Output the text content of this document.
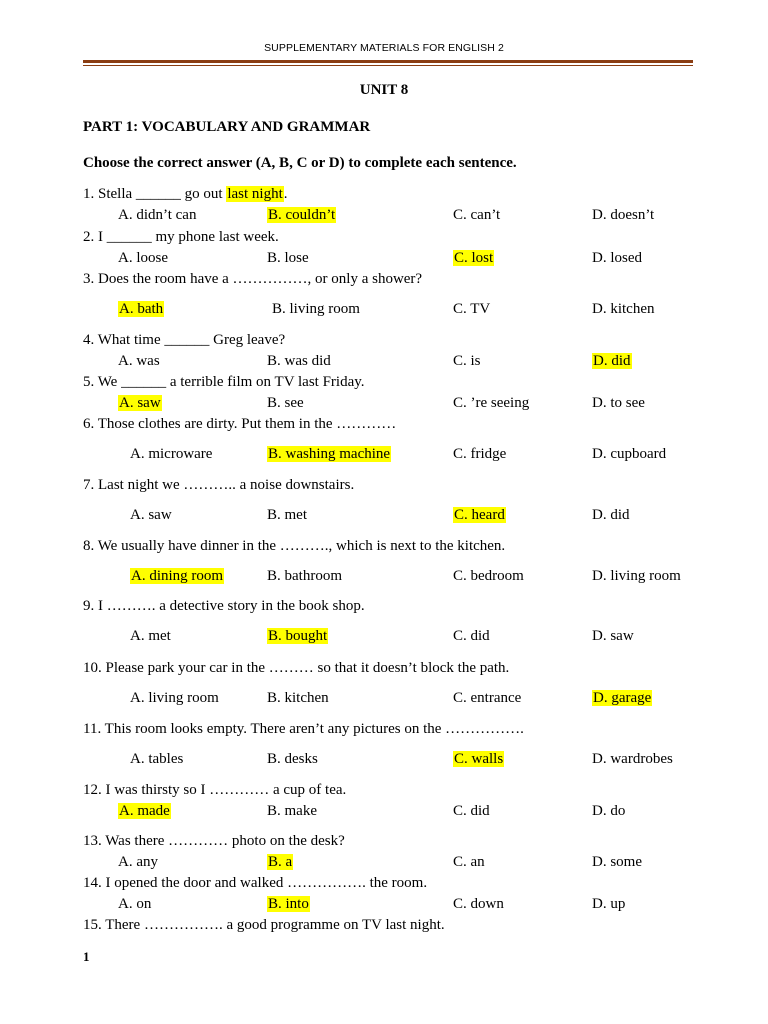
SUPPLEMENTARY MATERIALS FOR ENGLISH 2
UNIT 8
PART 1: VOCABULARY AND GRAMMAR
Choose the correct answer (A, B, C or D) to complete each sentence.
1. Stella ______ go out last night.
A. didn’t can	B. couldn’t	C. can’t	D. doesn’t
2. I ______ my phone last week.
A. loose	B. lose	C. lost	D. losed
3. Does the room have a ……………, or only a shower?
A. bath	B. living room	C. TV	D. kitchen
4. What time ______ Greg leave?
A. was	B. was did	C. is	D. did
5. We ______ a terrible film on TV last Friday.
A. saw	B. see	C. ’re seeing	D. to see
6. Those clothes are dirty. Put them in the …………
A. microware	B. washing machine	C. fridge	D. cupboard
7. Last night we ……….. a noise downstairs.
A. saw	B. met	C. heard	D. did
8. We usually have dinner in the ………., which is next to the kitchen.
A. dining room	B. bathroom	C. bedroom	D. living room
9. I ………. a detective story in the book shop.
A. met	B. bought	C. did	D. saw
10. Please park your car in the ……… so that it doesn’t block the path.
A. living room	B. kitchen	C. entrance	D. garage
11. This room looks empty. There aren’t any pictures on the …………….
A. tables	B. desks	C. walls	D. wardrobes
12. I was thirsty so I ………… a cup of tea.
A. made	B. make	C. did	D. do
13. Was there ………… photo on the desk?
A. any	B. a	C. an	D. some
14. I opened the door and walked ……………. the room.
A. on	B. into	C. down	D. up
15. There ……………. a good programme on TV last night.
1
